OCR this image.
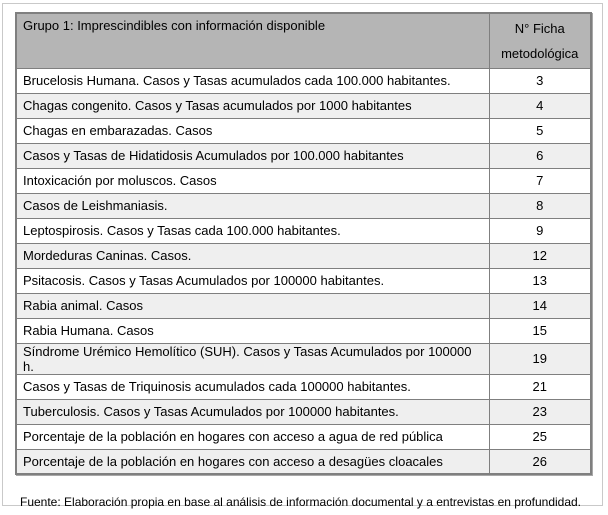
Grupo 1: Imprescindibles con información disponible	N° Ficha metodológica
Brucelosis Humana. Casos y Tasas acumulados cada 100.000 habitantes.	3
Chagas congenito. Casos y Tasas acumulados por 1000 habitantes	4
Chagas en embarazadas. Casos	5
Casos y Tasas de Hidatidosis Acumulados por 100.000 habitantes	6
Intoxicación por moluscos. Casos	7
Casos de Leishmaniasis.	8
Leptospirosis. Casos y Tasas cada 100.000 habitantes.	9
Mordeduras Caninas. Casos.	12
Psitacosis. Casos y Tasas Acumulados por 100000 habitantes.	13
Rabia animal. Casos	14
Rabia Humana. Casos	15
Síndrome Urémico Hemolítico (SUH). Casos y Tasas Acumulados por 100000 h.	19
Casos y Tasas de Triquinosis acumulados cada 100000 habitantes.	21
Tuberculosis. Casos y Tasas Acumulados por 100000 habitantes.	23
Porcentaje de la población en hogares con acceso a agua de red pública	25
Porcentaje de la población en hogares con acceso a desagües cloacales	26
Fuente: Elaboración propia en base al análisis de información documental y a entrevistas en profundidad.
